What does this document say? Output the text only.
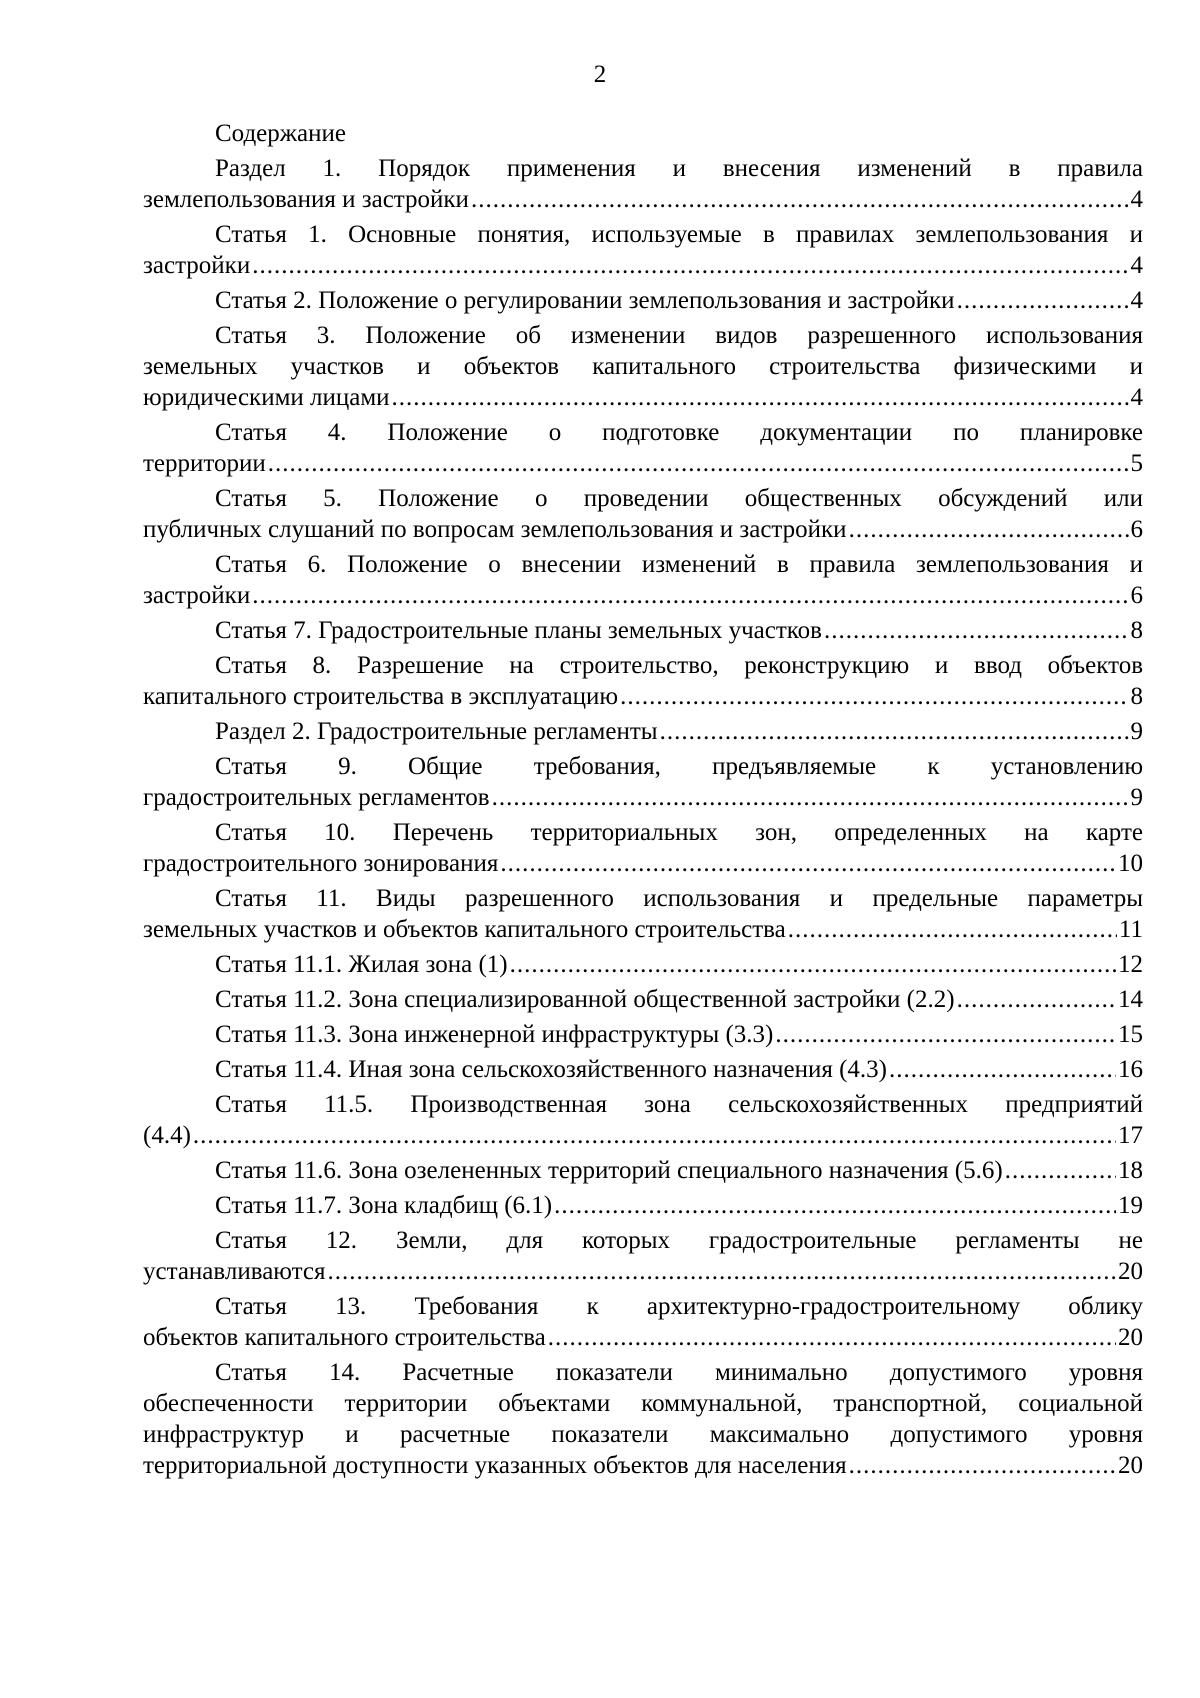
2
Содержание
Раздел 1. Порядок применения и внесения изменений в правила
землепользования и застройки .....	4
Статья 1. Основные понятия, используемые в правилах землепользования и
застройки .....	4
Статья 2. Положение о регулировании землепользования и застройки .....	4
Статья 3. Положение об изменении видов разрешенного использования
земельных участков и объектов капитального строительства физическими и
юридическими лицами .....	4
Статья 4. Положение о подготовке документации по планировке
территории .....	5
Статья 5. Положение о проведении общественных обсуждений или
публичных слушаний по вопросам землепользования и застройки .....	6
Статья 6. Положение о внесении изменений в правила землепользования и
застройки .....	6
Статья 7. Градостроительные планы земельных участков .....	8
Статья 8. Разрешение на строительство, реконструкцию и ввод объектов
капитального строительства в эксплуатацию .....	8
Раздел 2. Градостроительные регламенты .....	9
Статья 9. Общие требования, предъявляемые к установлению
градостроительных регламентов .....	9
Статья 10. Перечень территориальных зон, определенных на карте
градостроительного зонирования .....	10
Статья 11. Виды разрешенного использования и предельные параметры
земельных участков и объектов капитального строительства .....	11
Статья 11.1. Жилая зона (1) .....	12
Статья 11.2. Зона специализированной общественной застройки (2.2) .....	14
Статья 11.3. Зона инженерной инфраструктуры (3.3) .....	15
Статья 11.4. Иная зона сельскохозяйственного назначения (4.3) .....	16
Статья 11.5. Производственная зона сельскохозяйственных предприятий
(4.4) .....	17
Статья 11.6. Зона озелененных территорий специального назначения (5.6) .....	18
Статья 11.7. Зона кладбищ (6.1) .....	19
Статья 12. Земли, для которых градостроительные регламенты не
устанавливаются .....	20
Статья 13. Требования к архитектурно-градостроительному облику
объектов капитального строительства .....	20
Статья 14. Расчетные показатели минимально допустимого уровня
обеспеченности территории объектами коммунальной, транспортной, социальной
инфраструктур и расчетные показатели максимально допустимого уровня
территориальной доступности указанных объектов для населения .....	20
